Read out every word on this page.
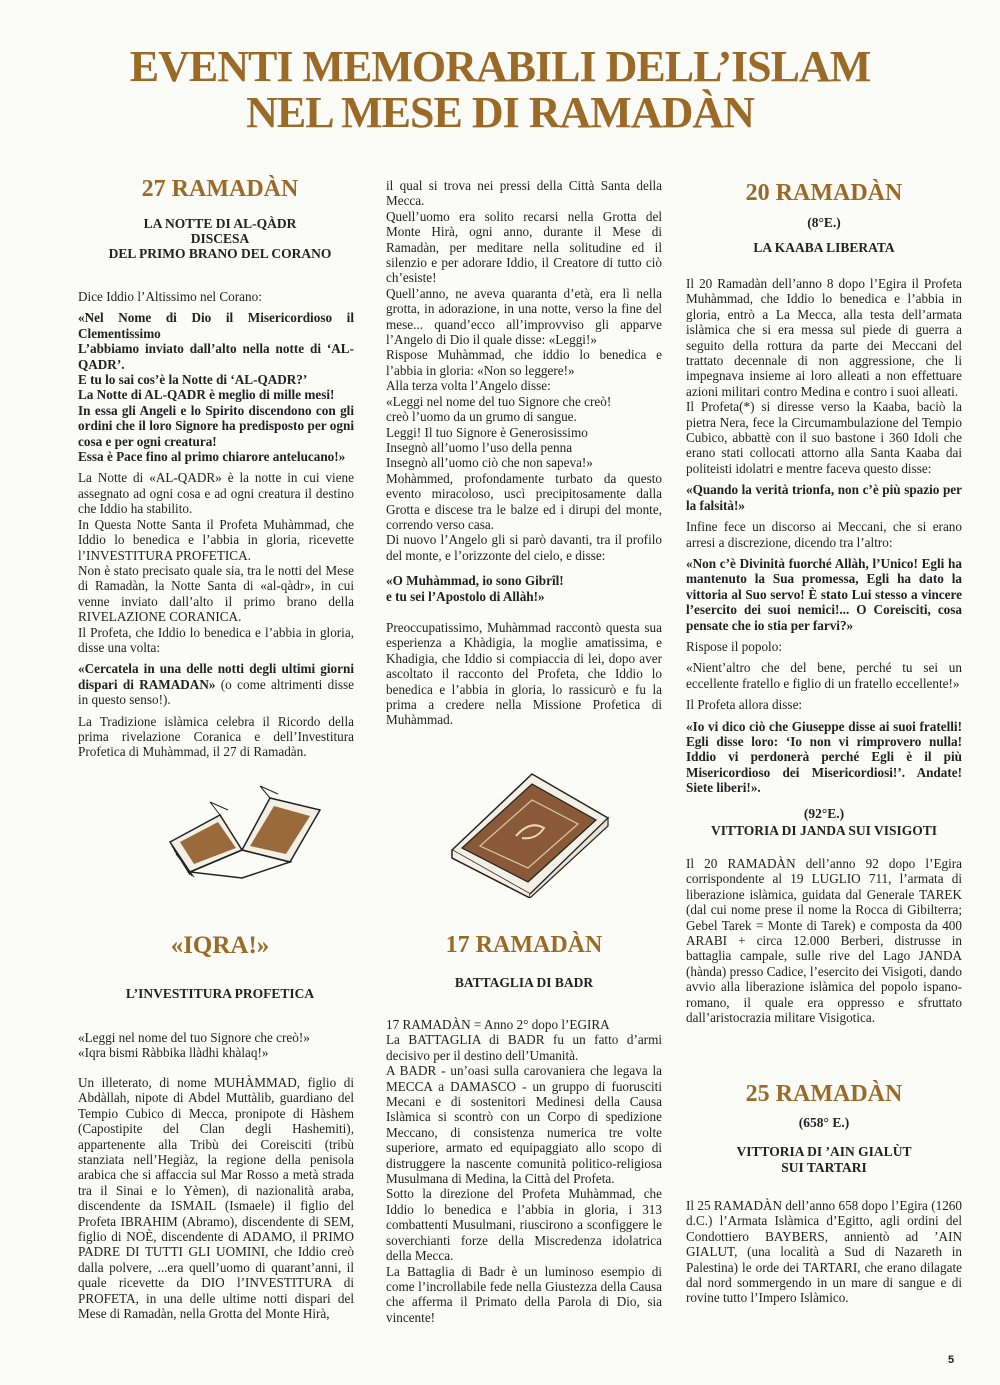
EVENTI MEMORABILI DELL’ISLAM
NEL MESE DI RAMADÀN
27 RAMADÀN
LA NOTTE DI AL-QÀDR
DISCESA
DEL PRIMO BRANO DEL CORANO

Dice Iddio l’Altissimo nel Corano:

«Nel Nome di Dio il Misericordioso il Clementissimo

L’abbiamo inviato dall’alto nella notte di ‘AL-QADR’.

E tu lo sai cos’è la Notte di ‘AL-QADR?’

La Notte di AL-QADR è meglio di mille mesi!

In essa gli Angeli e lo Spirito discendono con gli ordini che il loro Signore ha predisposto per ogni cosa e per ogni creatura!

Essa è Pace fino al primo chiarore antelucano!»

La Notte di «AL-QADR» è la notte in cui viene assegnato ad ogni cosa e ad ogni creatura il destino che Iddio ha stabilito.

In Questa Notte Santa il Profeta Muhàmmad, che Iddio lo benedica e l’abbia in gloria, ricevette l’INVESTITURA PROFETICA.

Non è stato precisato quale sia, tra le notti del Mese di Ramadàn, la Notte Santa di «al-qàdr», in cui venne inviato dall’alto il primo brano della RIVELAZIONE CORANICA.

Il Profeta, che Iddio lo benedica e l’abbia in gloria, disse una volta:

«Cercatela in una delle notti degli ultimi giorni dispari di RAMADAN» (o come altrimenti disse in questo senso!).

La Tradizione islàmica celebra il Ricordo della prima rivelazione Coranica e dell’Investitura Profetica di Muhàmmad, il 27 di Ramadàn.

il qual si trova nei pressi della Città Santa della Mecca.

Quell’uomo era solito recarsi nella Grotta del Monte Hirà, ogni anno, durante il Mese di Ramadàn, per meditare nella solitudine ed il silenzio e per adorare Iddio, il Creatore di tutto ciò ch’esiste!

Quell’anno, ne aveva quaranta d’età, era lì nella grotta, in adorazione, in una notte, verso la fine del mese... quand’ecco all’improvviso gli apparve l’Angelo di Dio il quale disse: «Leggi!»

Rispose Muhàmmad, che iddio lo benedica e l’abbia in gloria: «Non so leggere!»

Alla terza volta l’Angelo disse:

«Leggi nel nome del tuo Signore che creò!

creò l’uomo da un grumo di sangue.

Leggi! Il tuo Signore è Generosissimo

Insegnò all’uomo l’uso della penna

Insegnò all’uomo ciò che non sapeva!»

Mohàmmed, profondamente turbato da questo evento miracoloso, uscì precipitosamente dalla Grotta e discese tra le balze ed i dirupi del monte, correndo verso casa.

Di nuovo l’Angelo gli si parò davanti, tra il profilo del monte, e l’orizzonte del cielo, e disse:

«O Muhàmmad, io sono Gibrîl!

e tu sei l’Apostolo di Allàh!»

Preoccupatissimo, Muhàmmad raccontò questa sua esperienza a Khàdigia, la moglie amatissima, e Khadigia, che Iddio si compiaccia di lei, dopo aver ascoltato il racconto del Profeta, che Iddio lo benedica e l’abbia in gloria, lo rassicurò e fu la prima a credere nella Missione Profetica di Muhàmmad.

20 RAMADÀN
(8°E.)
LA KAABA LIBERATA

Il 20 Ramadàn dell’anno 8 dopo l’Egira il Profeta Muhàmmad, che Iddio lo benedica e l’abbia in gloria, entrò a La Mecca, alla testa dell’armata islàmica che si era messa sul piede di guerra a seguito della rottura da parte dei Meccani del trattato decennale di non aggressione, che li impegnava insieme ai loro alleati a non effettuare azioni militari contro Medina e contro i suoi alleati.

Il Profeta(*) si diresse verso la Kaaba, baciò la pietra Nera, fece la Circumambulazione del Tempio Cubico, abbattè con il suo bastone i 360 Idoli che erano stati collocati attorno alla Santa Kaaba dai politeisti idolatri e mentre faceva questo disse:

«Quando la verità trionfa, non c’è più spazio per la falsità!»

Infine fece un discorso ai Meccani, che si erano arresi a discrezione, dicendo tra l’altro:

«Non c’è Divinità fuorché Allàh, l’Unico! Egli ha mantenuto la Sua promessa, Egli ha dato la vittoria al Suo servo! È stato Lui stesso a vincere l’esercito dei suoi nemici!... O Coreisciti, cosa pensate che io stia per farvi?»

Rispose il popolo:

«Nient’altro che del bene, perché tu sei un eccellente fratello e figlio di un fratello eccellente!»

Il Profeta allora disse:

«Io vi dico ciò che Giuseppe disse ai suoi fratelli! Egli disse loro: ‘Io non vi rimprovero nulla! Iddio vi perdonerà perché Egli è il più Misericordioso dei Misericordiosi!’. Andate! Siete liberi!».

(92°E.)
VITTORIA DI JANDA SUI VISIGOTI
Il 20 RAMADÀN dell’anno 92 dopo l’Egira corrispondente al 19 LUGLIO 711, l’armata di liberazione islàmica, guidata dal Generale TAREK (dal cui nome prese il nome la Rocca di Gibilterra; Gebel Tarek = Monte di Tarek) e composta da 400 ARABI + circa 12.000 Berberi, distrusse in battaglia campale, sulle rive del Lago JANDA (hànda) presso Cadice, l’esercito dei Visigoti, dando avvio alla liberazione islàmica del popolo ispano-romano, il quale era oppresso e sfruttato dall’aristocrazia militare Visigotica.
25 RAMADÀN
(658° E.)
VITTORIA DI ’AIN GIALÙT
SUI TARTARI
Il 25 RAMADÀN dell’anno 658 dopo l’Egira (1260 d.C.) l’Armata Islàmica d’Egitto, agli ordini del Condottiero BAYBERS, annientò ad ’AIN GIALUT, (una località a Sud di Nazareth in Palestina) le orde dei TARTARI, che erano dilagate dal nord sommergendo in un mare di sangue e di rovine tutto l’Impero Islàmico.
«IQRA!»
L’INVESTITURA PROFETICA
«Leggi nel nome del tuo Signore che creò!»
«Iqra bismi Ràbbika llàdhi khàlaq!»
Un illeterato, di nome MUHÀMMAD, figlio di Abdàllah, nipote di Abdel Muttàlib, guardiano del Tempio Cubico di Mecca, pronipote di Hàshem (Capostipite del Clan degli Hashemiti), appartenente alla Tribù dei Coreisciti (tribù stanziata nell’Hegiàz, la regione della penisola arabica che si affaccia sul Mar Rosso a metà strada tra il Sinai e lo Yèmen), di nazionalità araba, discendente da ISMAIL (Ismaele) il figlio del Profeta IBRAHIM (Abramo), discendente di SEM, figlio di NOÈ, discendente di ADAMO, il PRIMO PADRE DI TUTTI GLI UOMINI, che Iddio creò dalla polvere, ...era quell’uomo di quarant’anni, il quale ricevette da DIO l’INVESTITURA di PROFETA, in una delle ultime notti dispari del Mese di Ramadàn, nella Grotta del Monte Hirà,
17 RAMADÀN
BATTAGLIA DI BADR

17 RAMADÀN = Anno 2° dopo l’EGIRA

La BATTAGLIA di BADR fu un fatto d’armi decisivo per il destino dell’Umanità.

A BADR - un’oasi sulla carovaniera che legava la MECCA a DAMASCO - un gruppo di fuorusciti Mecani e di sostenitori Medinesi della Causa Islàmica si scontrò con un Corpo di spedizione Meccano, di consistenza numerica tre volte superiore, armato ed equipaggiato allo scopo di distruggere la nascente comunità politico-religiosa Musulmana di Medina, la Città del Profeta.

Sotto la direzione del Profeta Muhàmmad, che Iddio lo benedica e l’abbia in gloria, i 313 combattenti Musulmani, riuscirono a sconfiggere le soverchianti forze della Miscredenza idolatrica della Mecca.

La Battaglia di Badr è un luminoso esempio di come l’incrollabile fede nella Giustezza della Causa che afferma il Primato della Parola di Dio, sia vincente!

5
